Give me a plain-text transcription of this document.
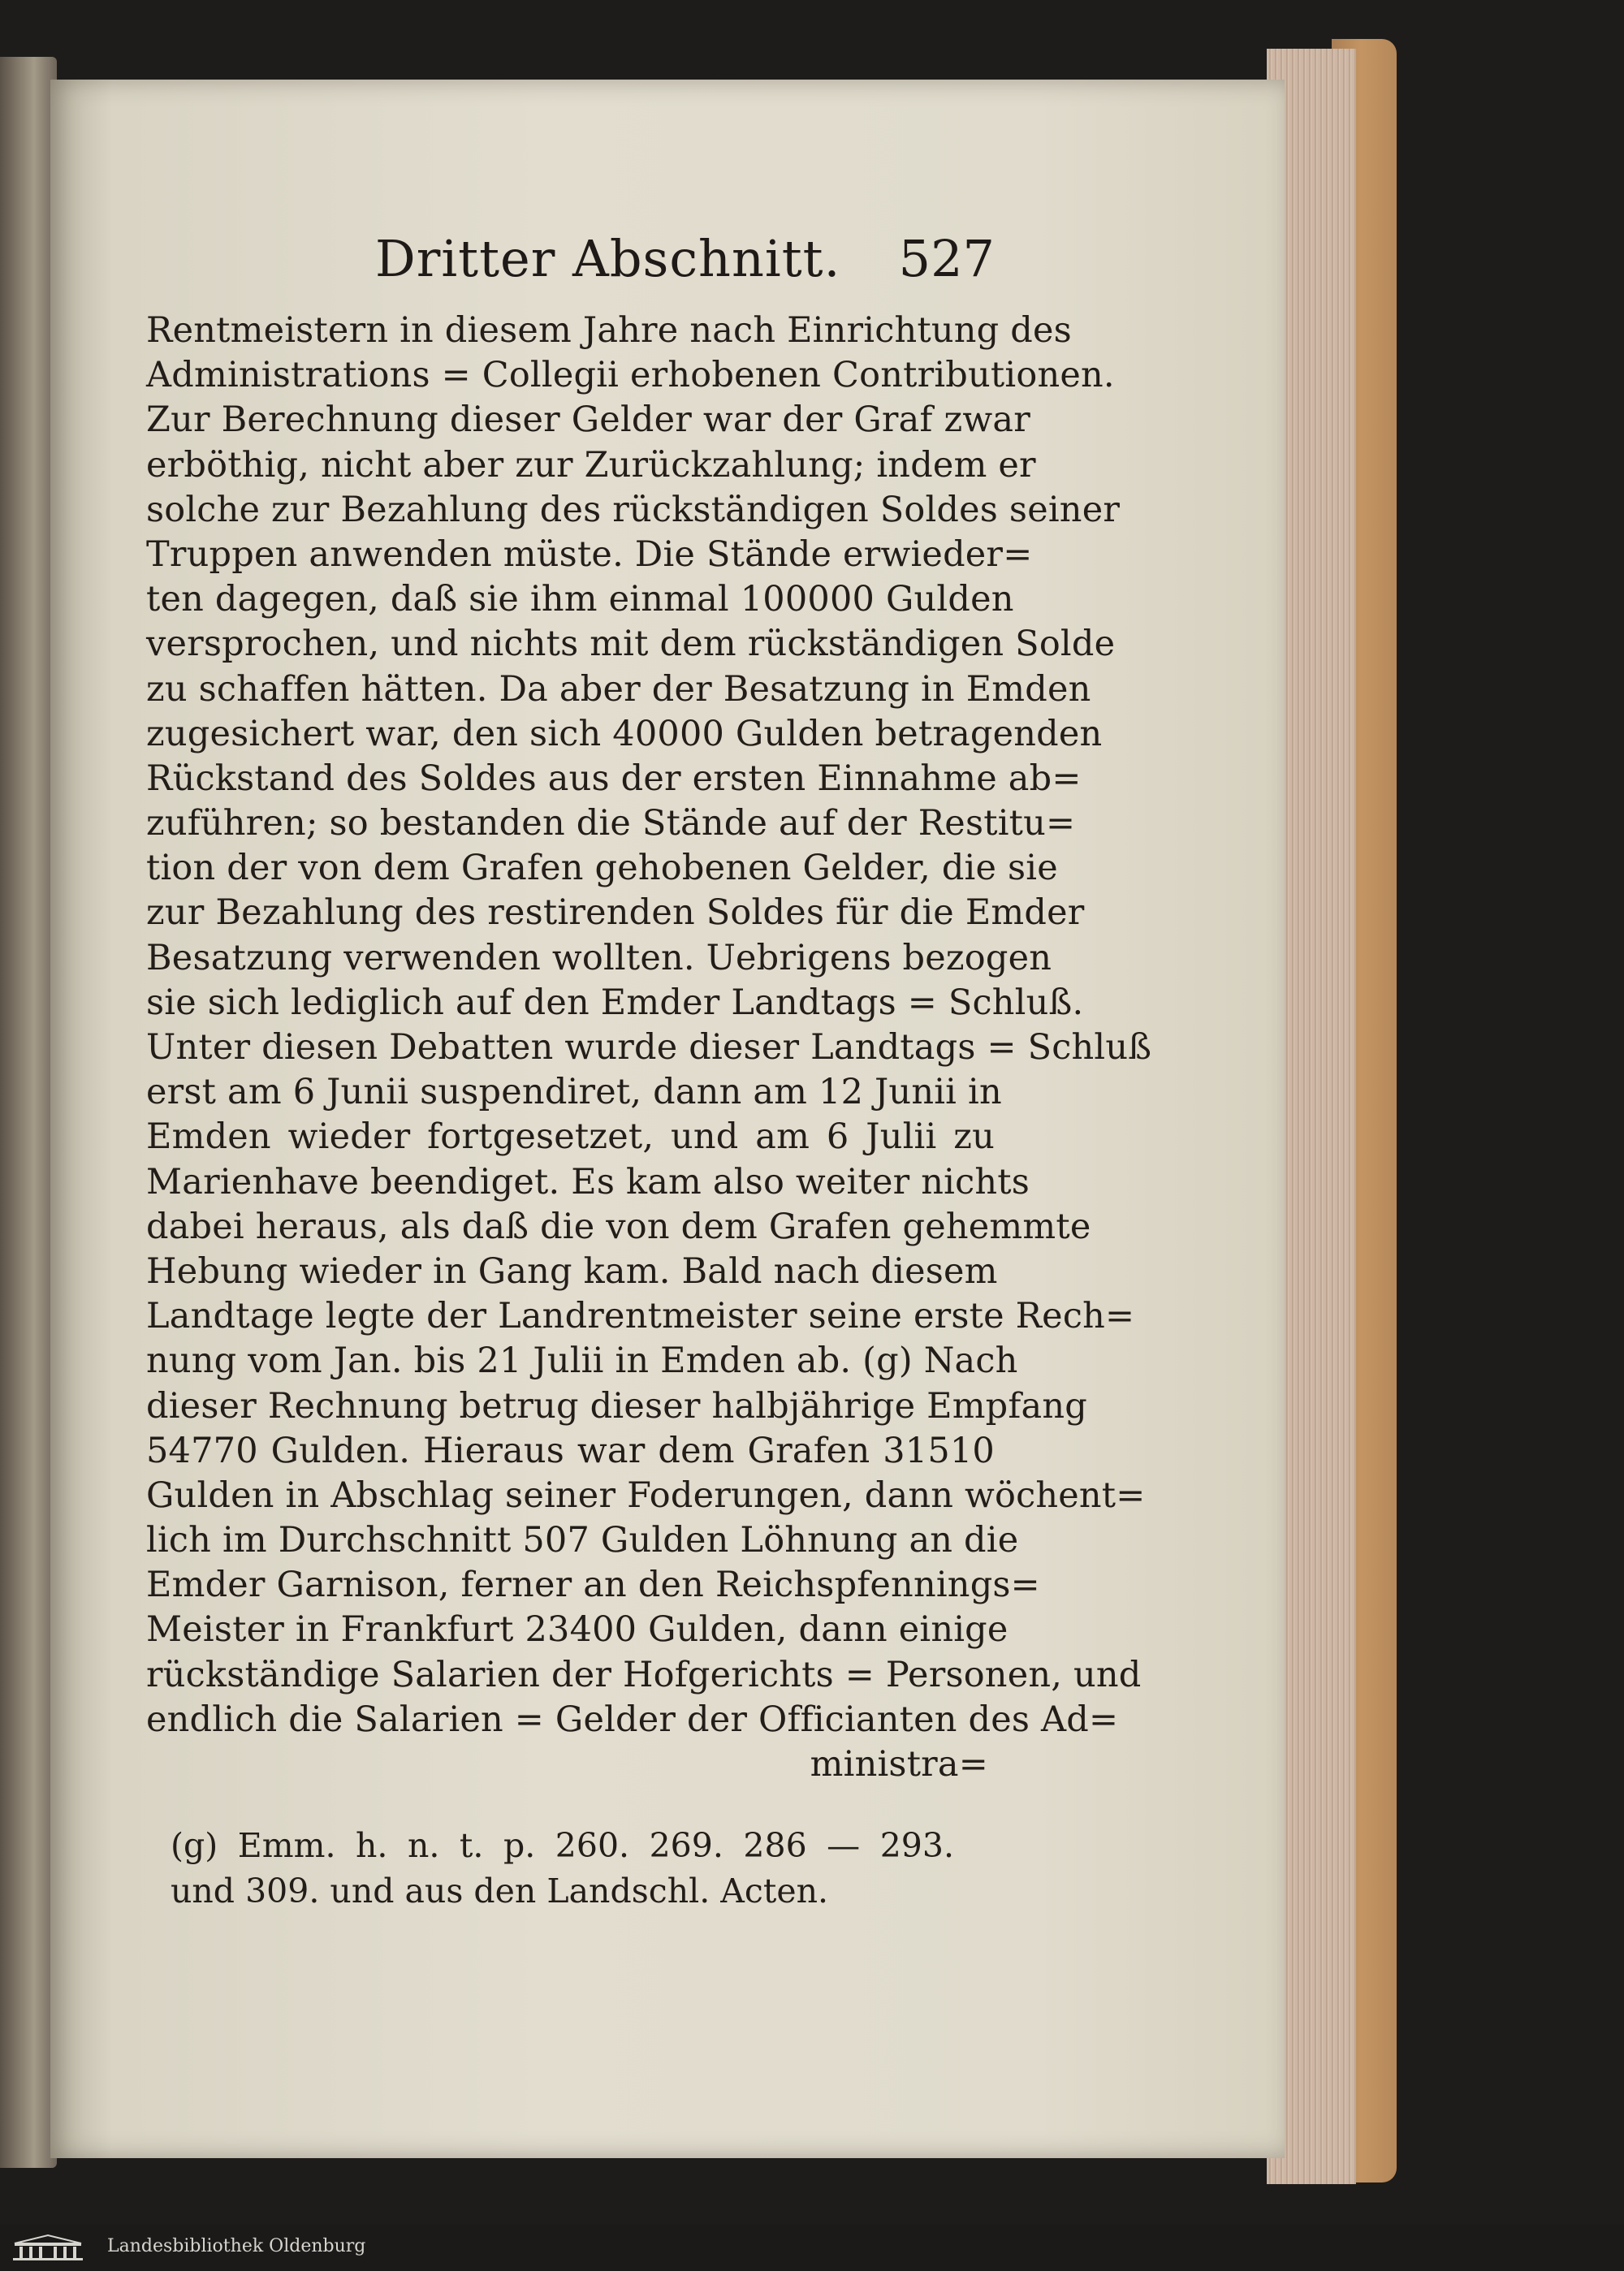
Dritter Abschnitt. 527
Rentmeistern in diesem Jahre nach Einrichtung des
Administrations = Collegii erhobenen Contributionen.
Zur Berechnung dieser Gelder war der Graf zwar
erböthig, nicht aber zur Zurückzahlung; indem er
solche zur Bezahlung des rückständigen Soldes seiner
Truppen anwenden müste. Die Stände erwieder=
ten dagegen, daß sie ihm einmal 100000 Gulden
versprochen, und nichts mit dem rückständigen Solde
zu schaffen hätten. Da aber der Besatzung in Emden
zugesichert war, den sich 40000 Gulden betragenden
Rückstand des Soldes aus der ersten Einnahme ab=
zuführen; so bestanden die Stände auf der Restitu=
tion der von dem Grafen gehobenen Gelder, die sie
zur Bezahlung des restirenden Soldes für die Emder
Besatzung verwenden wollten. Uebrigens bezogen
sie sich lediglich auf den Emder Landtags = Schluß.
Unter diesen Debatten wurde dieser Landtags = Schluß
erst am 6 Junii suspendiret, dann am 12 Junii in
Emden wieder fortgesetzet, und am 6 Julii zu
Marienhave beendiget. Es kam also weiter nichts
dabei heraus, als daß die von dem Grafen gehemmte
Hebung wieder in Gang kam. Bald nach diesem
Landtage legte der Landrentmeister seine erste Rech=
nung vom Jan. bis 21 Julii in Emden ab. (g) Nach
dieser Rechnung betrug dieser halbjährige Empfang
54770 Gulden. Hieraus war dem Grafen 31510
Gulden in Abschlag seiner Foderungen, dann wöchent=
lich im Durchschnitt 507 Gulden Löhnung an die
Emder Garnison, ferner an den Reichspfennings=
Meister in Frankfurt 23400 Gulden, dann einige
rückständige Salarien der Hofgerichts = Personen, und
endlich die Salarien = Gelder der Officianten des Ad=
ministra=
(g) Emm. h. n. t. p. 260. 269. 286 — 293.
und 309. und aus den Landschl. Acten.
Landesbibliothek Oldenburg
